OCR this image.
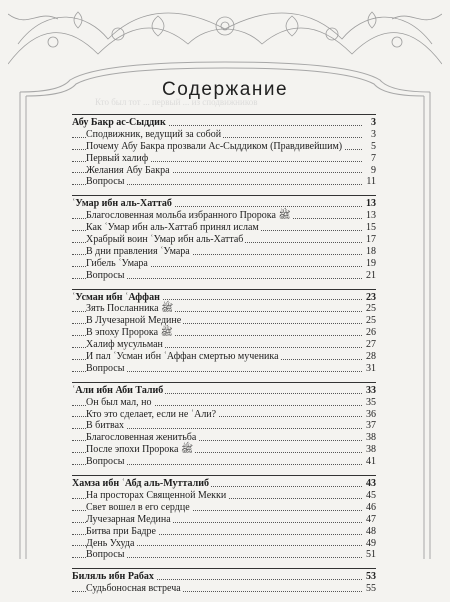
Содержание
Кто был тот ... первый ... из сподвижников
Абу Бакр ас-Сыддик	3
Сподвижник, ведущий за собой	3
Почему Абу Бакра прозвали Ас-Сыддиком (Правдивейшим)	5
Первый халиф	7
Желания Абу Бакра	9
Вопросы	11
ʿУмар ибн аль-Хаттаб	13
Благословенная мольба избранного Пророка ﷺ	13
Как ʿУмар ибн аль-Хаттаб принял ислам	15
Храбрый воин ʿУмар ибн аль-Хаттаб	17
В дни правления ʿУмара	18
Гибель ʿУмара	19
Вопросы	21
ʿУсман ибн ʿАффан	23
Зять Посланника ﷺ	25
В Лучезарной Медине	25
В эпоху Пророка ﷺ	26
Халиф мусульман	27
И пал ʿУсман ибн ʿАффан смертью мученика	28
Вопросы	31
ʿАли ибн Аби Талиб	33
Он был мал, но	35
Кто это сделает, если не ʿАли?	36
В битвах	37
Благословенная женитьба	38
После эпохи Пророка ﷺ	38
Вопросы	41
Хамза ибн ʿАбд аль-Мутталиб	43
На просторах Священной Мекки	45
Свет вошел в его сердце	46
Лучезарная Медина	47
Битва при Бадре	48
День Ухуда	49
Вопросы	51
Биляль ибн Рабах	53
Судьбоносная встреча	55
